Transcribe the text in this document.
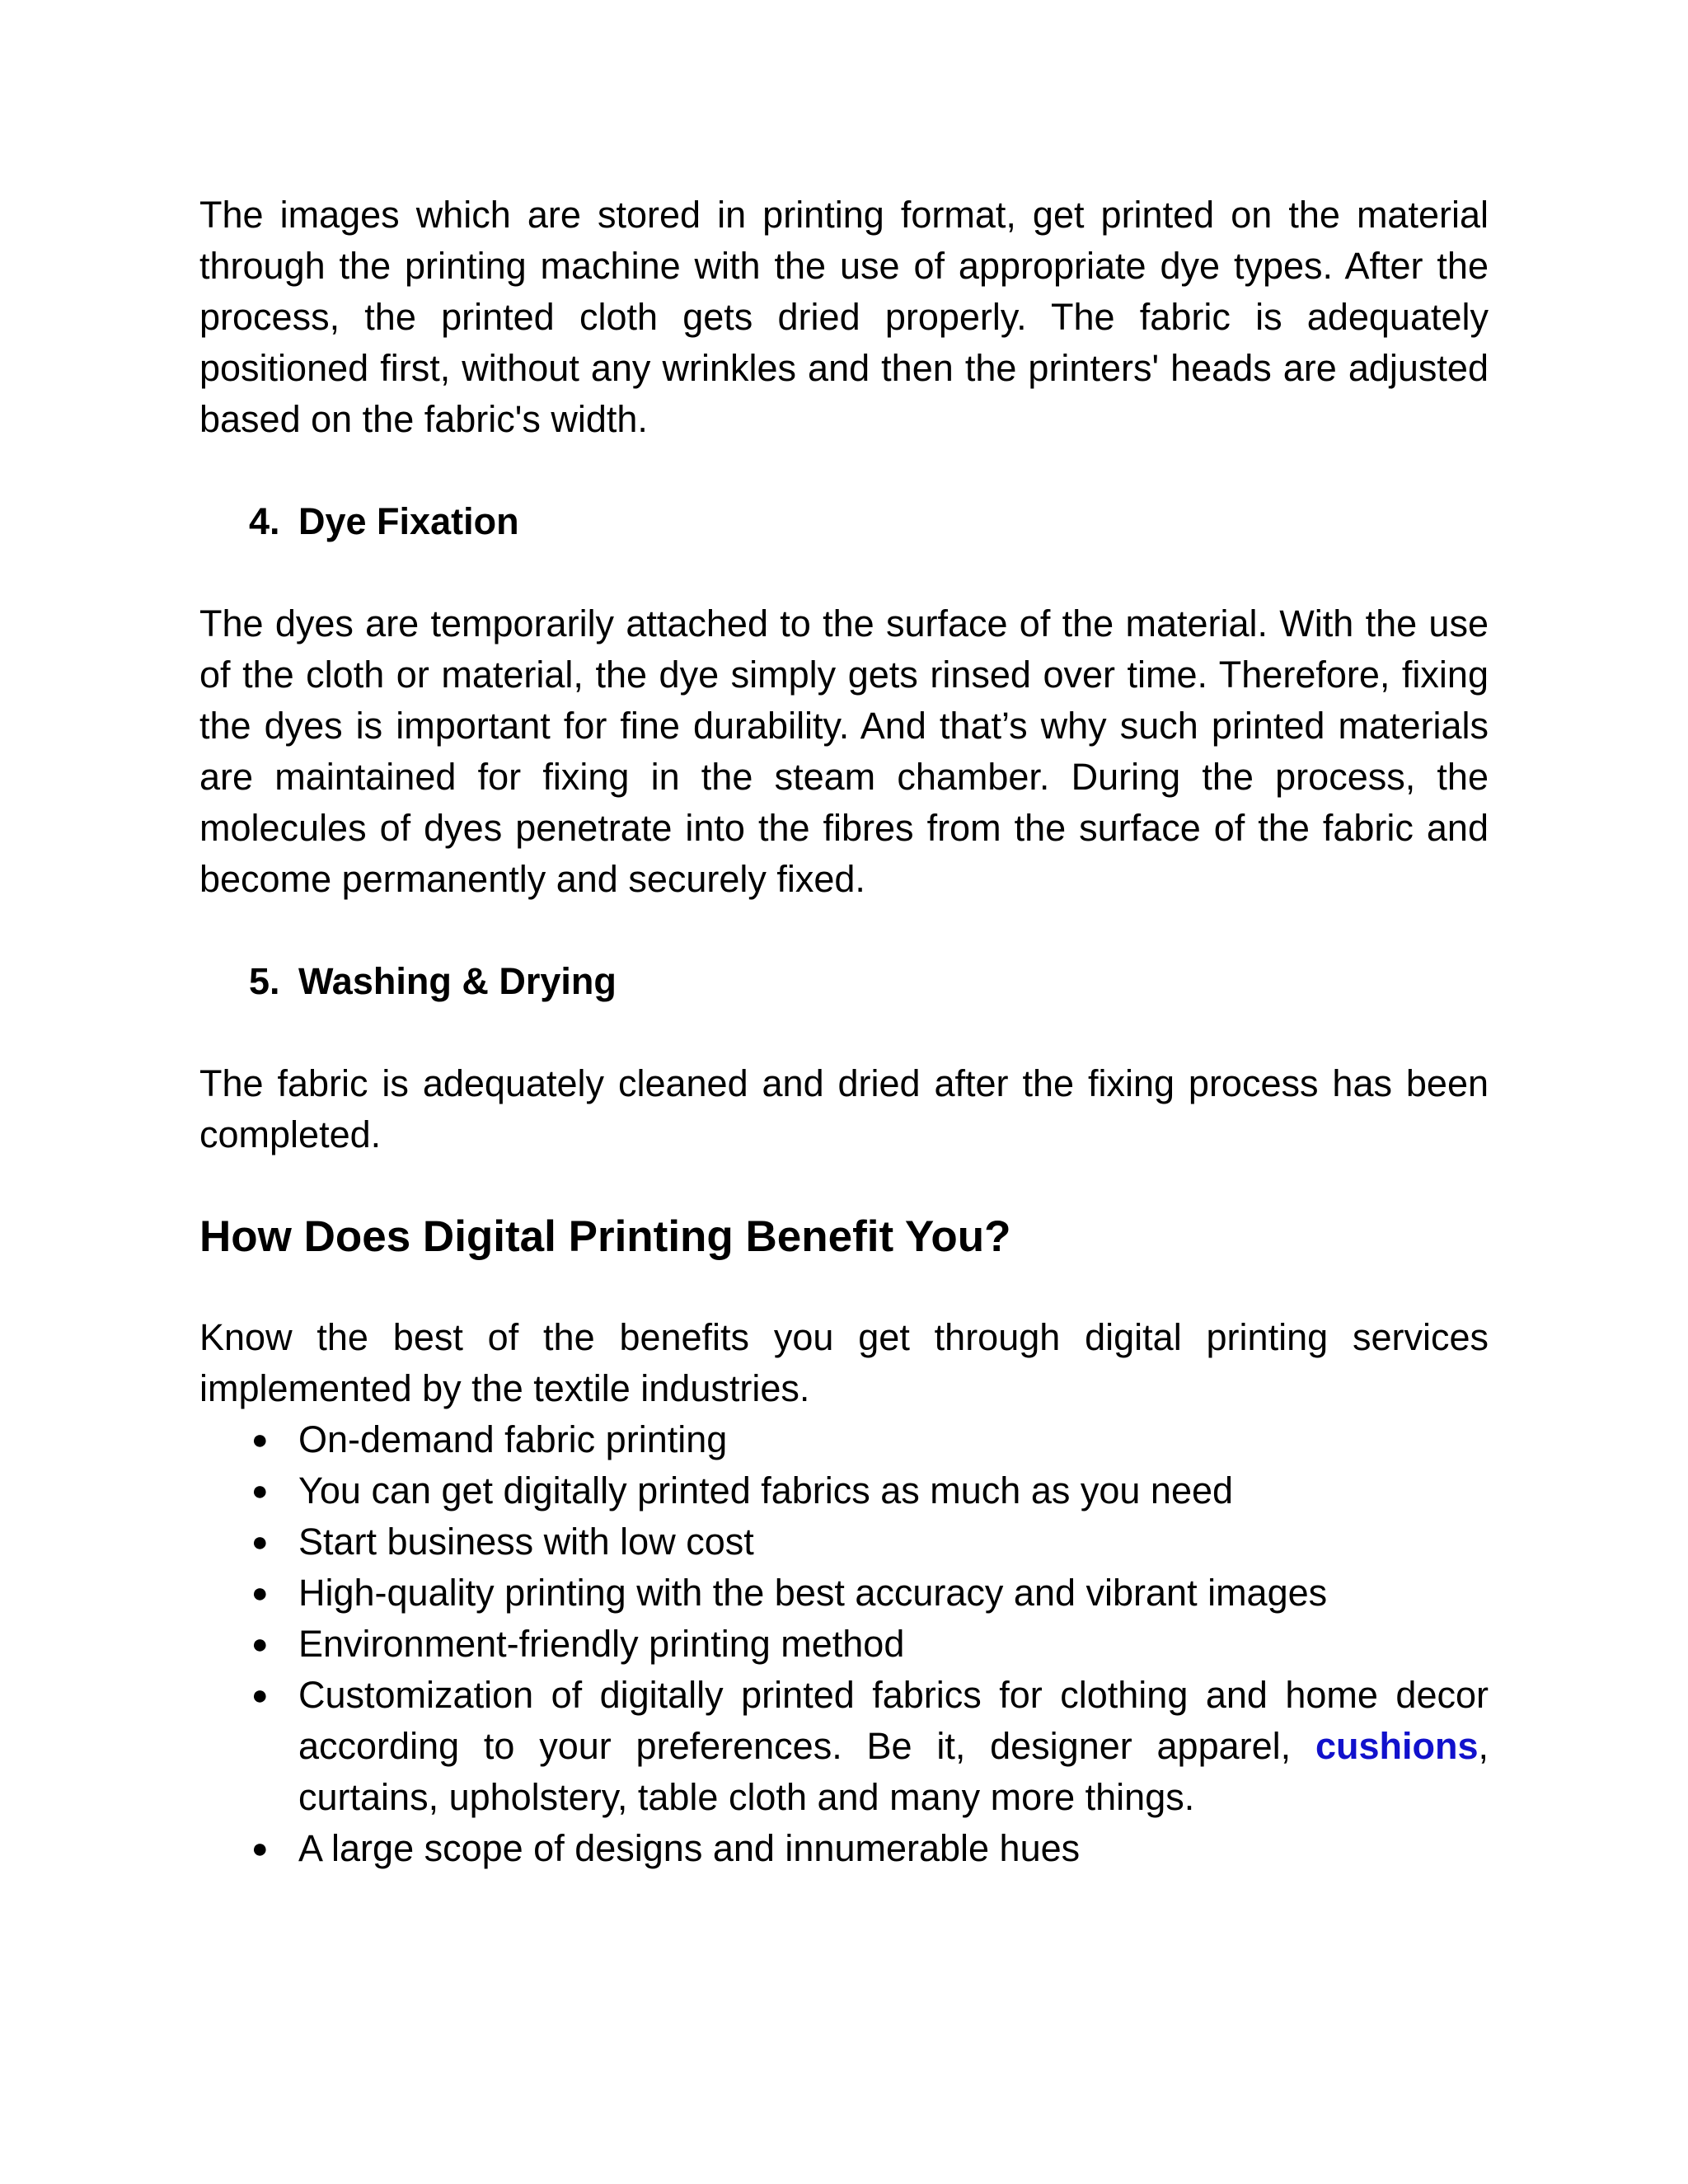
The images which are stored in printing format, get printed on the material through the printing machine with the use of appropriate dye types. After the process, the printed cloth gets dried properly. The fabric is adequately positioned first, without any wrinkles and then the printers' heads are adjusted based on the fabric's width.

4. Dye Fixation

The dyes are temporarily attached to the surface of the material. With the use of the cloth or material, the dye simply gets rinsed over time. Therefore, fixing the dyes is important for fine durability. And that’s why such printed materials are maintained for fixing in the steam chamber. During the process, the molecules of dyes penetrate into the fibres from the surface of the fabric and become permanently and securely fixed.

5. Washing & Drying

The fabric is adequately cleaned and dried after the fixing process has been completed.

How Does Digital Printing Benefit You?

Know the best of the benefits you get through digital printing services implemented by the textile industries.

● On-demand fabric printing
● You can get digitally printed fabrics as much as you need
● Start business with low cost
● High-quality printing with the best accuracy and vibrant images
● Environment-friendly printing method
● Customization of digitally printed fabrics for clothing and home decor according to your preferences. Be it, designer apparel, cushions, curtains, upholstery, table cloth and many more things.
● A large scope of designs and innumerable hues
